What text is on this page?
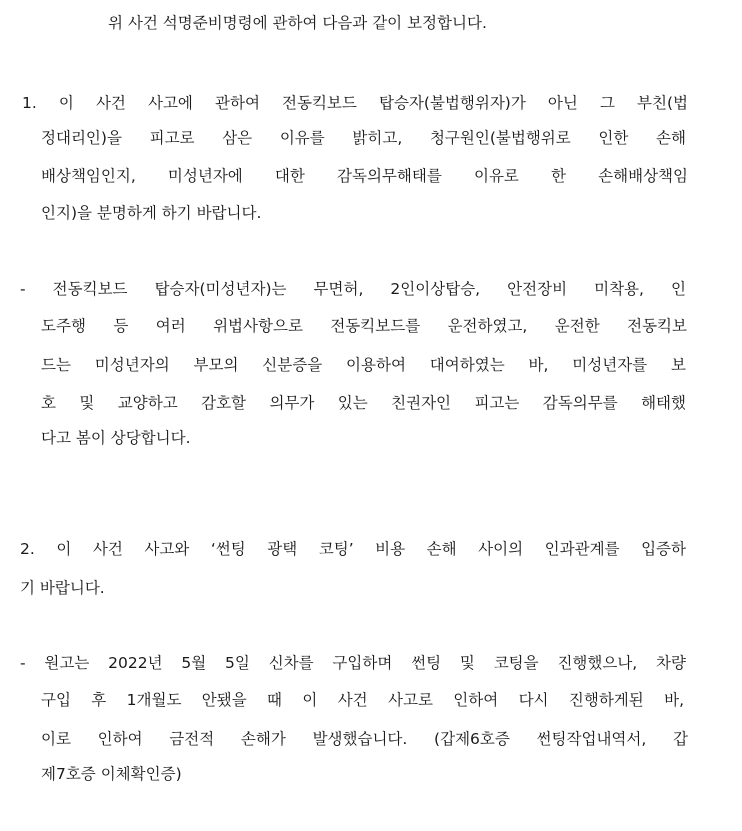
위 사건 석명준비명령에 관하여 다음과 같이 보정합니다.
1. 이 사건 사고에 관하여 전동킥보드 탑승자(불법행위자)가 아닌 그 부친(법
정대리인)을 피고로 삼은 이유를 밝히고, 청구원인(불법행위로 인한 손해
배상책임인지, 미성년자에 대한 감독의무해태를 이유로 한 손해배상책임
인지)을 분명하게 하기 바랍니다.
- 전동킥보드 탑승자(미성년자)는 무면허, 2인이상탑승, 안전장비 미착용, 인
도주행 등 여러 위법사항으로 전동킥보드를 운전하였고, 운전한 전동킥보
드는 미성년자의 부모의 신분증을 이용하여 대여하였는 바, 미성년자를 보
호 및 교양하고 감호할 의무가 있는 친권자인 피고는 감독의무를 해태했
다고 봄이 상당합니다.
2. 이 사건 사고와 ‘썬팅 광택 코팅’ 비용 손해 사이의 인과관계를 입증하
기 바랍니다.
- 원고는 2022년 5월 5일 신차를 구입하며 썬팅 및 코팅을 진행했으나, 차량
구입 후 1개월도 안됐을 때 이 사건 사고로 인하여 다시 진행하게된 바,
이로 인하여 금전적 손해가 발생했습니다. (갑제6호증 썬팅작업내역서, 갑
제7호증 이체확인증)
